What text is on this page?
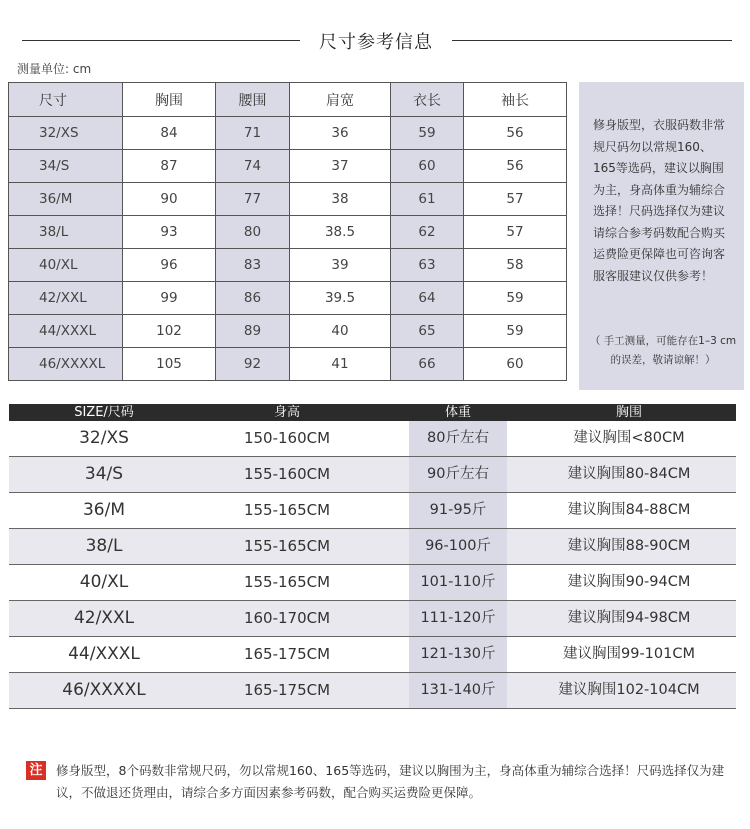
尺寸参考信息
测量单位: cm
尺寸	胸围	腰围	肩宽	衣长	袖长
32/XS	84	71	36	59	56
34/S	87	74	37	60	56
36/M	90	77	38	61	57
38/L	93	80	38.5	62	57
40/XL	96	83	39	63	58
42/XXL	99	86	39.5	64	59
44/XXXL	102	89	40	65	59
46/XXXXL	105	92	41	66	60
修身版型，衣服码数非常规尺码勿以常规160、165等选码，建议以胸围为主，身高体重为辅综合选择！尺码选择仅为建议请综合参考码数配合购买运费险更保障也可咨询客服客服建议仅供参考！
（ 手工测量，可能存在1–3 cm的误差，敬请谅解！）
SIZE/尺码	身高	体重	胸围
32/XS	150-160CM	80斤左右	建议胸围<80CM
34/S	155-160CM	90斤左右	建议胸围80-84CM
36/M	155-165CM	91-95斤	建议胸围84-88CM
38/L	155-165CM	96-100斤	建议胸围88-90CM
40/XL	155-165CM	101-110斤	建议胸围90-94CM
42/XXL	160-170CM	111-120斤	建议胸围94-98CM
44/XXXL	165-175CM	121-130斤	建议胸围99-101CM
46/XXXXL	165-175CM	131-140斤	建议胸围102-104CM
注 修身版型，8个码数非常规尺码，勿以常规160、165等选码，建议以胸围为主，身高体重为辅综合选择！尺码选择仅为建议，不做退还货理由，请综合多方面因素参考码数，配合购买运费险更保障。
